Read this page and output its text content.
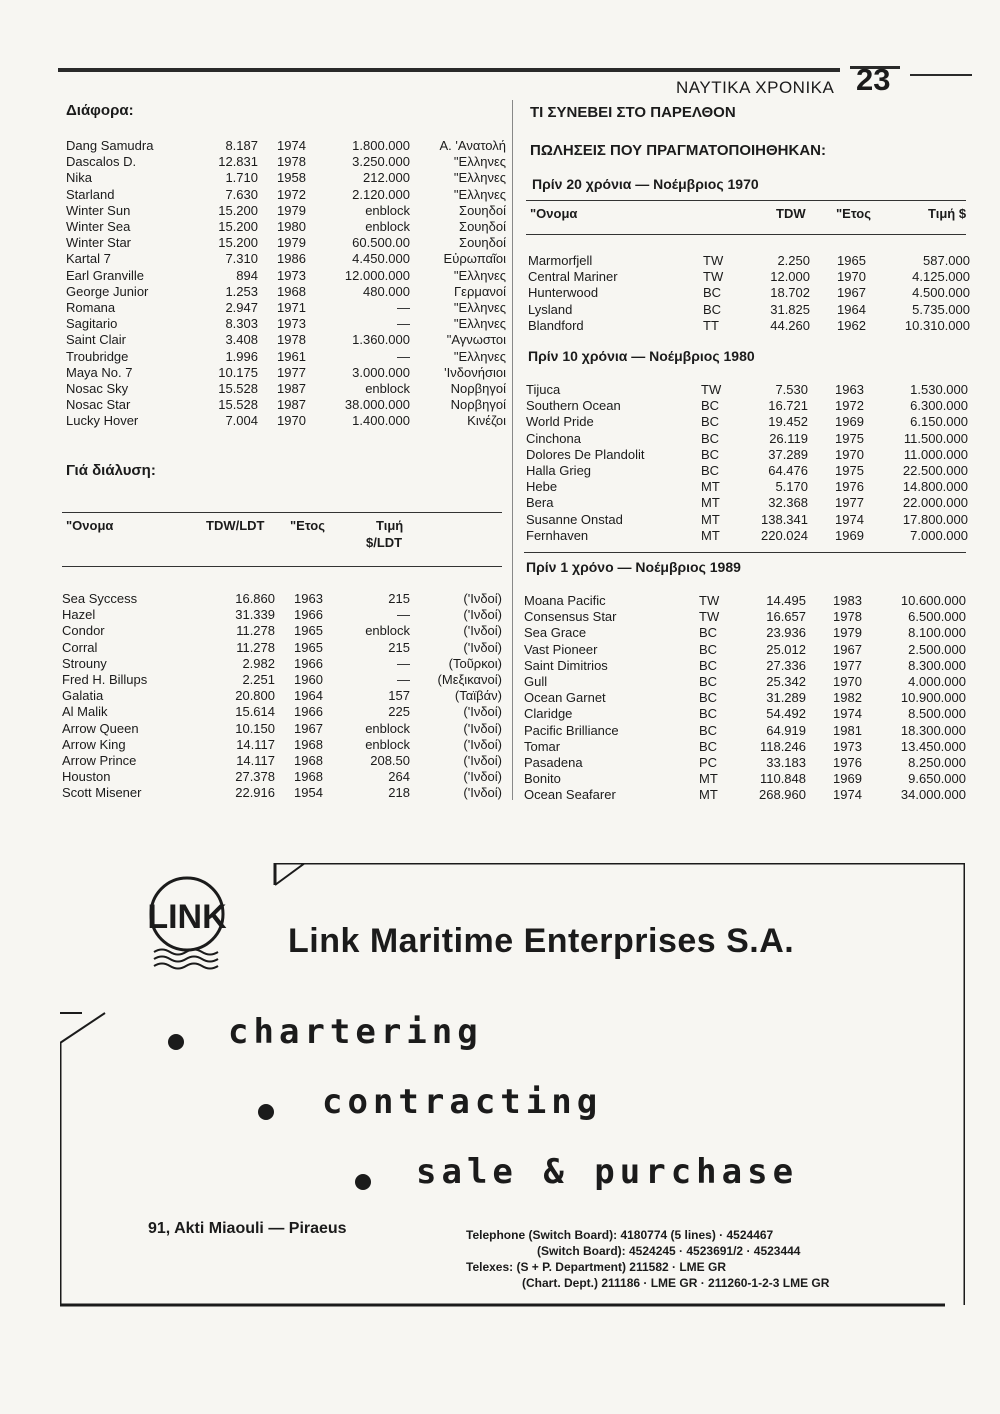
ΝΑΥΤΙΚΑ ΧΡΟΝΙΚΑ 23
Διάφορα:
Dang Samudra	8.187 1974	1.800.000	Α. 'Ανατολή
Dascalos D.	12.831 1978	3.250.000	"Ελληνες
Nika	1.710 1958	212.000	"Ελληνες
Starland	7.630 1972	2.120.000	"Ελληνες
Winter Sun	15.200 1979	enblock	Σουηδοί
Winter Sea	15.200 1980	enblock	Σουηδοί
Winter Star	15.200 1979	60.500.00	Σουηδοί
Kartal 7	7.310 1986	4.450.000	Εὐρωπαῖοι
Earl Granville	894 1973	12.000.000	"Ελληνες
George Junior	1.253 1968	480.000	Γερμανοί
Romana	2.947 1971	—	"Ελληνες
Sagitario	8.303 1973	—	"Ελληνες
Saint Clair	3.408 1978	1.360.000	"Αγνωστοι
Troubridge	1.996 1961	—	"Ελληνες
Maya No. 7	10.175 1977	3.000.000	'Ινδονήσιοι
Nosac Sky	15.528 1987	enblock	Νορβηγοί
Nosac Star	15.528 1987	38.000.000	Νορβηγοί
Lucky Hover	7.004 1970	1.400.000	Κινέζοι
Γιά διάλυση:
"Ονομα	TDW/LDT "Ετος	Τιμή
$/LDT
Sea Syccess	16.860 1963	215	('Ινδοί)
Hazel	31.339 1966	—	('Ινδοί)
Condor	11.278 1965	enblock	('Ινδοί)
Corral	11.278 1965	215	('Ινδοί)
Strouny	2.982 1966	—	(Τοῦρκοι)
Fred H. Billups	2.251 1960	—	(Μεξικανοί)
Galatia	20.800 1964	157	(Ταϊβάν)
Al Malik	15.614 1966	225	('Ινδοί)
Arrow Queen	10.150 1967	enblock	('Ινδοί)
Arrow King	14.117 1968	enblock	('Ινδοί)
Arrow Prince	14.117 1968	208.50	('Ινδοί)
Houston	27.378 1968	264	('Ινδοί)
Scott Misener	22.916 1954	218	('Ινδοί)
ΤΙ ΣΥΝΕΒΕΙ ΣΤΟ ΠΑΡΕΛΘΟΝ
ΠΩΛΗΣΕΙΣ ΠΟΥ ΠΡΑΓΜΑΤΟΠΟΙΗΘΗΚΑΝ:
Πρίν 20 χρόνια — Νοέμβριος 1970
"Ονομα	TDW "Ετος	Τιμή $
Marmorfjell	TW	2.250 1965	587.000
Central Mariner	TW	12.000 1970	4.125.000
Hunterwood	BC	18.702 1967	4.500.000
Lysland	BC	31.825 1964	5.735.000
Blandford	TT	44.260 1962	10.310.000
Πρίν 10 χρόνια — Νοέμβριος 1980
Tijuca	TW	7.530 1963	1.530.000
Southern Ocean	BC	16.721 1972	6.300.000
World Pride	BC	19.452 1969	6.150.000
Cinchona	BC	26.119 1975	11.500.000
Dolores De Plandolit	BC	37.289 1970	11.000.000
Halla Grieg	BC	64.476 1975	22.500.000
Hebe	MT	5.170 1976	14.800.000
Bera	MT	32.368 1977	22.000.000
Susanne Onstad	MT	138.341 1974	17.800.000
Fernhaven	MT	220.024 1969	7.000.000
Πρίν 1 χρόνο — Νοέμβριος 1989
Moana Pacific	TW	14.495 1983	10.600.000
Consensus Star	TW	16.657 1978	6.500.000
Sea Grace	BC	23.936 1979	8.100.000
Vast Pioneer	BC	25.012 1967	2.500.000
Saint Dimitrios	BC	27.336 1977	8.300.000
Gull	BC	25.342 1970	4.000.000
Ocean Garnet	BC	31.289 1982	10.900.000
Claridge	BC	54.492 1974	8.500.000
Pacific Brilliance	BC	64.919 1981	18.300.000
Tomar	BC	118.246 1973	13.450.000
Pasadena	PC	33.183 1976	8.250.000
Bonito	MT	110.848 1969	9.650.000
Ocean Seafarer	MT	268.960 1974	34.000.000
LINK
Link Maritime Enterprises S.A.
chartering
contracting
sale & purchase
91, Akti Miaouli — Piraeus	Telephone (Switch Board): 4180774 (5 lines) · 4524467
(Switch Board): 4524245 · 4523691/2 · 4523444
Telexes: (S + P. Department) 211582 · LME GR
(Chart. Dept.) 211186 · LME GR · 211260-1-2-3 LME GR
